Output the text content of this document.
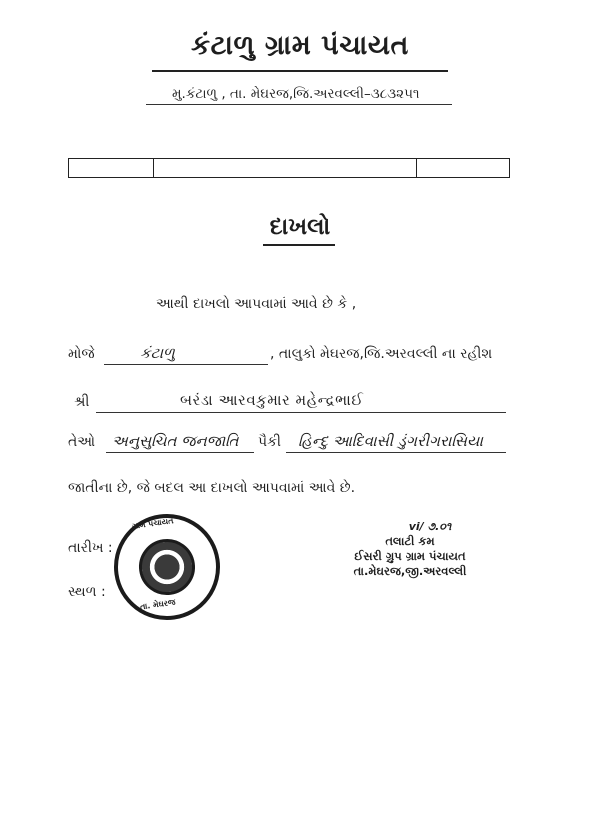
કંટાળુ ગ્રામ પંચાયત
મુ.કંટાળુ , તા. મેઘરજ,જિ.અરવલ્લી–૩૮૩૨૫૧
દાખલો
આથી દાખલો આપવામાં આવે છે કે ,
મોજે	કંટાળુ	, તાલુકો મેઘરજ,જિ.અરવલ્લી ના રહીશ
શ્રી	બરંડા આરવકુમાર મહેન્દ્રભાઈ
તેઓ અનુસુચિત જનજાતિ પૈકી હિન્દુ આદિવાસી ડુંગરીગરાસિયા
જાતીના છે, જે બદલ આ દાખલો આપવામાં આવે છે.
તારીખ :
સ્થળ :
ગ્રામ પંચાયત
તા. મેઘરજ
vi/ ૭.૦૧
તલાટી કમ
ઈસરી ગ્રુપ ગ્રામ પંચાયત
તા.મેઘરજ,જી.અરવલ્લી
